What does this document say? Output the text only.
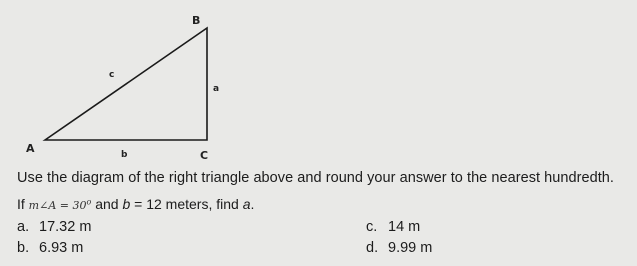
B
A
C
c
a
b
Use the diagram of the right triangle above and round your answer to the nearest hundredth.
If m∠A = $30^o$ and b = 12 meters, find a.
a. 17.32 m
b. 6.93 m
c. 14 m
d. 9.99 m
